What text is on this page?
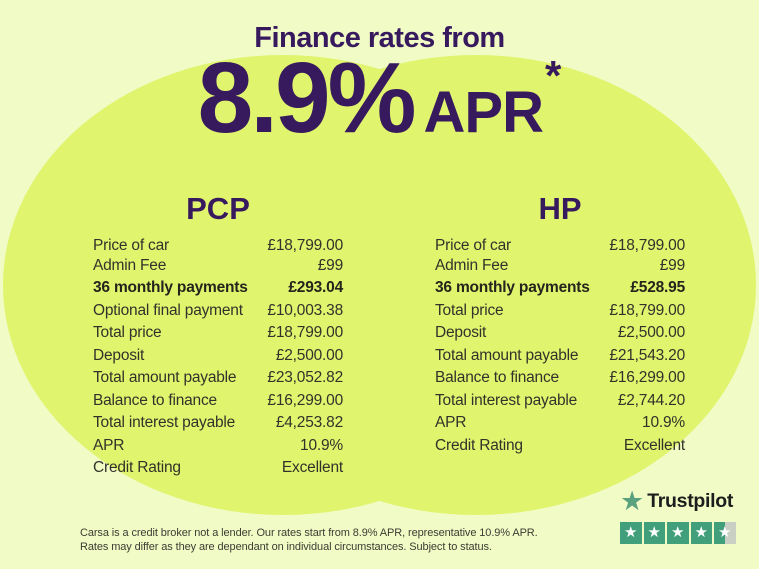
Finance rates from
8.9% APR
*
PCP
Price of car	£18,799.00
Admin Fee	£99
36 monthly payments	£293.04
Optional final payment £10,003.38
Total price	£18,799.00
Deposit	£2,500.00
Total amount payable £23,052.82
Balance to finance	£16,299.00
Total interest payable	£4,253.82
APR	10.9%
Credit Rating	Excellent
HP
Price of car	£18,799.00
Admin Fee	£99
36 monthly payments	£528.95
Total price	£18,799.00
Deposit	£2,500.00
Total amount payable £21,543.20
Balance to finance	£16,299.00
Total interest payable	£2,744.20
APR	10.9%
Credit Rating	Excellent
Carsa is a credit broker not a lender. Our rates start from 8.9% APR, representative 10.9% APR.
Rates may differ as they are dependant on individual circumstances. Subject to status.
★ Trustpilot
★ ★ ★ ★ ★
